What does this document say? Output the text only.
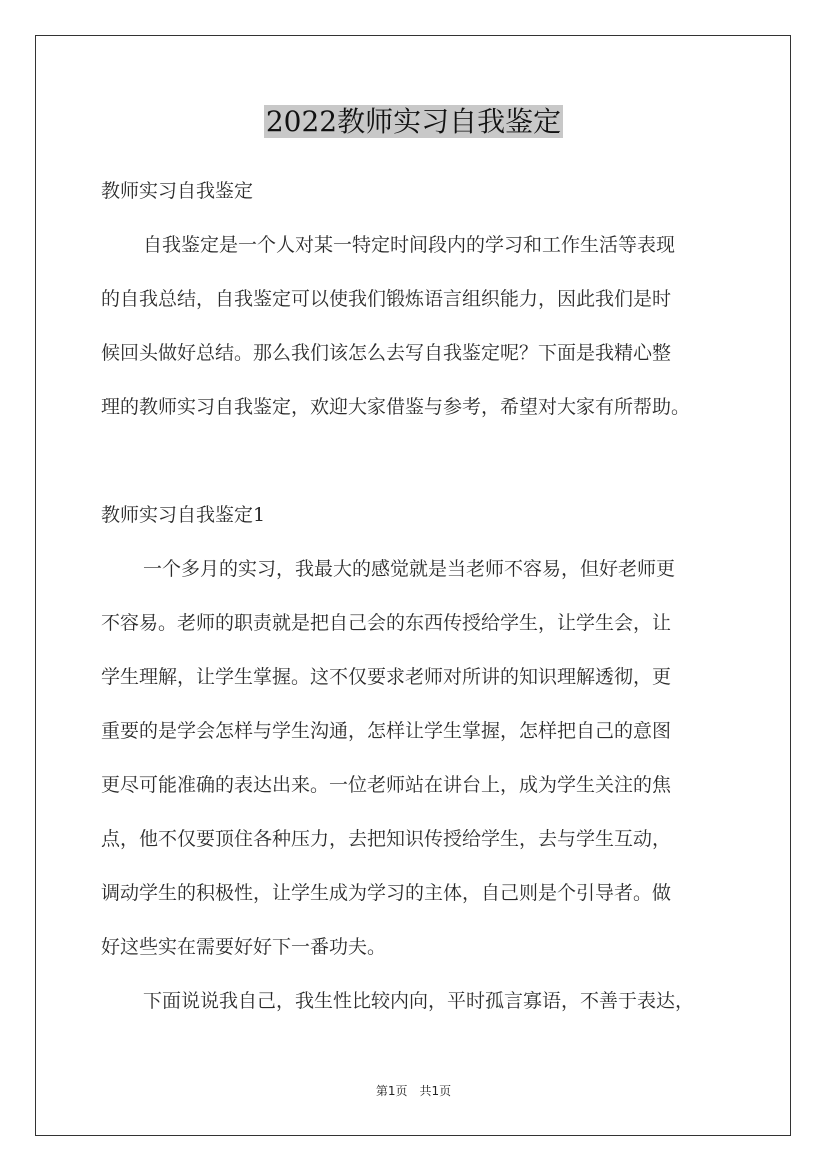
2022教师实习自我鉴定

教师实习自我鉴定

自我鉴定是一个人对某一特定时间段内的学习和工作生活等表现
的自我总结，自我鉴定可以使我们锻炼语言组织能力，因此我们是时
候回头做好总结。那么我们该怎么去写自我鉴定呢？下面是我精心整
理的教师实习自我鉴定，欢迎大家借鉴与参考，希望对大家有所帮助。

教师实习自我鉴定1

一个多月的实习，我最大的感觉就是当老师不容易，但好老师更
不容易。老师的职责就是把自己会的东西传授给学生，让学生会，让
学生理解，让学生掌握。这不仅要求老师对所讲的知识理解透彻，更
重要的是学会怎样与学生沟通，怎样让学生掌握，怎样把自己的意图
更尽可能准确的表达出来。一位老师站在讲台上，成为学生关注的焦
点，他不仅要顶住各种压力，去把知识传授给学生，去与学生互动，
调动学生的积极性，让学生成为学习的主体，自己则是个引导者。做
好这些实在需要好好下一番功夫。

下面说说我自己，我生性比较内向，平时孤言寡语，不善于表达，

第1页　共1页
